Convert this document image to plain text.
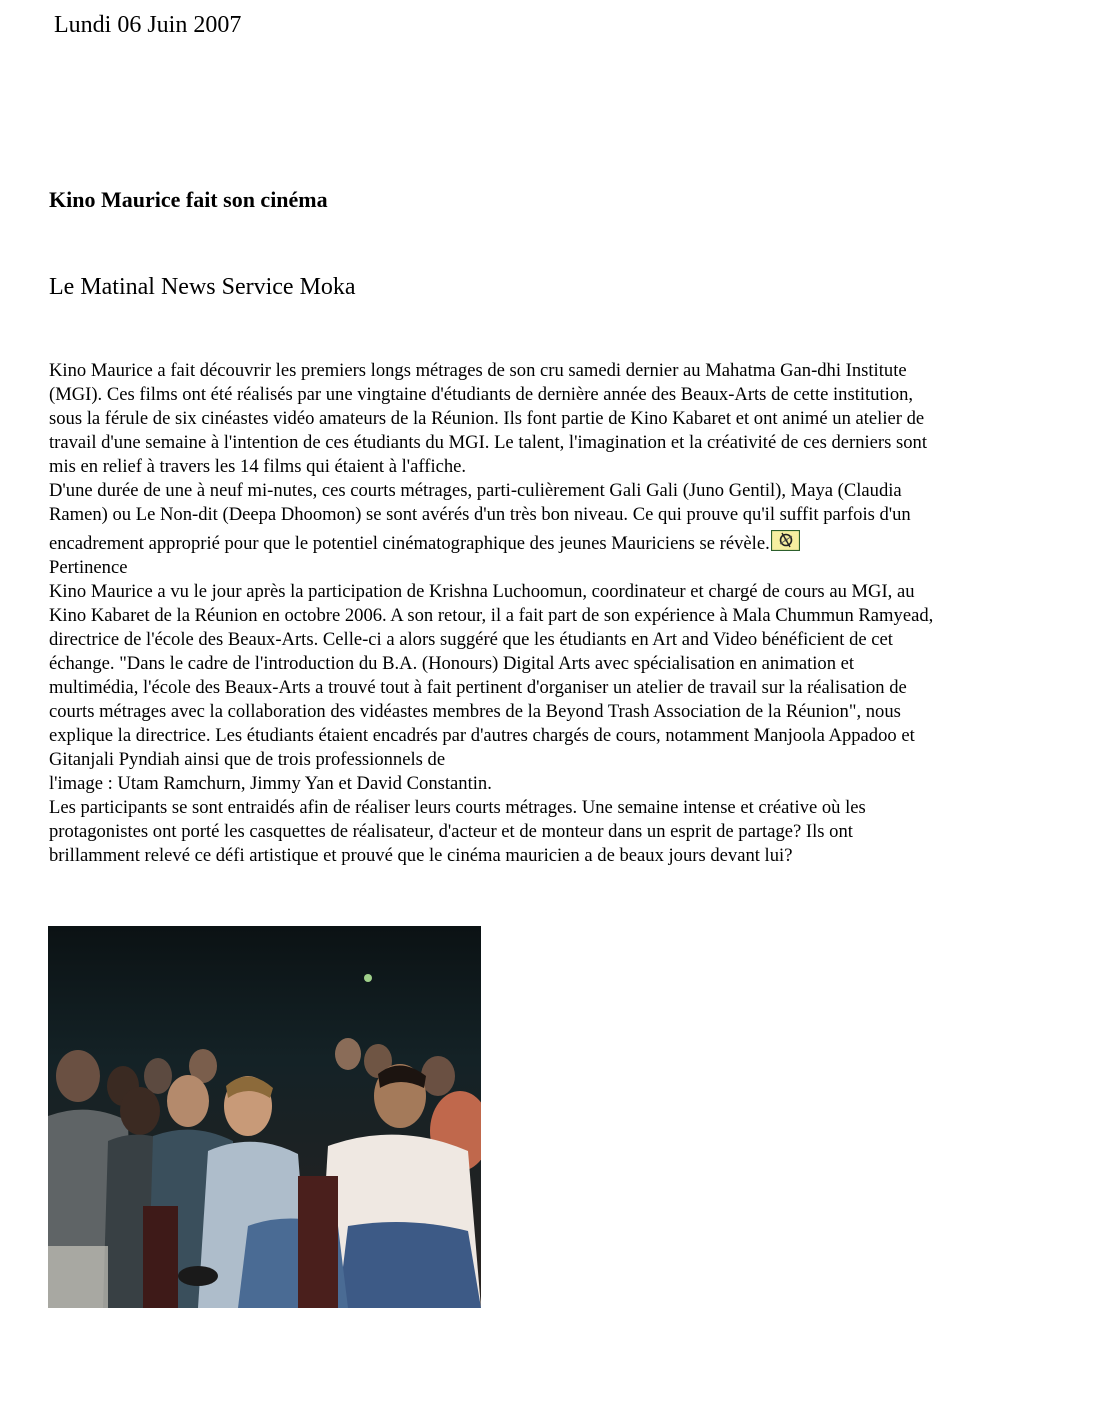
Lundi 06 Juin 2007
Kino Maurice fait son cinéma
Le Matinal News Service Moka
Kino Maurice a fait découvrir les premiers longs métrages de son cru samedi dernier au Mahatma Gan-dhi Institute
(MGI). Ces films ont été réalisés par une vingtaine d'étudiants de dernière année des Beaux-Arts de cette institution,
sous la férule de six cinéastes vidéo amateurs de la Réunion. Ils font partie de Kino Kabaret et ont animé un atelier de
travail d'une semaine à l'intention de ces étudiants du MGI. Le talent, l'imagination et la créativité de ces derniers sont
mis en relief à travers les 14 films qui étaient à l'affiche.
D'une durée de une à neuf mi-nutes, ces courts métrages, parti-culièrement Gali Gali (Juno Gentil), Maya (Claudia
Ramen) ou Le Non-dit (Deepa Dhoomon) se sont avérés d'un très bon niveau. Ce qui prouve qu'il suffit parfois d'un
encadrement approprié pour que le potentiel cinématographique des jeunes Mauriciens se révèle.
Pertinence
Kino Maurice a vu le jour après la participation de Krishna Luchoomun, coordinateur et chargé de cours au MGI, au
Kino Kabaret de la Réunion en octobre 2006. A son retour, il a fait part de son expérience à Mala Chummun Ramyead,
directrice de l'école des Beaux-Arts. Celle-ci a alors suggéré que les étudiants en Art and Video bénéficient de cet
échange. "Dans le cadre de l'introduction du B.A. (Honours) Digital Arts avec spécialisation en animation et
multimédia, l'école des Beaux-Arts a trouvé tout à fait pertinent d'organiser un atelier de travail sur la réalisation de
courts métrages avec la collaboration des vidéastes membres de la Beyond Trash Association de la Réunion", nous
explique la directrice. Les étudiants étaient encadrés par d'autres chargés de cours, notamment Manjoola Appadoo et
Gitanjali Pyndiah ainsi que de trois professionnels de
l'image : Utam Ramchurn, Jimmy Yan et David Constantin.
Les participants se sont entraidés afin de réaliser leurs courts métrages. Une semaine intense et créative où les
protagonistes ont porté les casquettes de réalisateur, d'acteur et de monteur dans un esprit de partage? Ils ont
brillamment relevé ce défi artistique et prouvé que le cinéma mauricien a de beaux jours devant lui?
